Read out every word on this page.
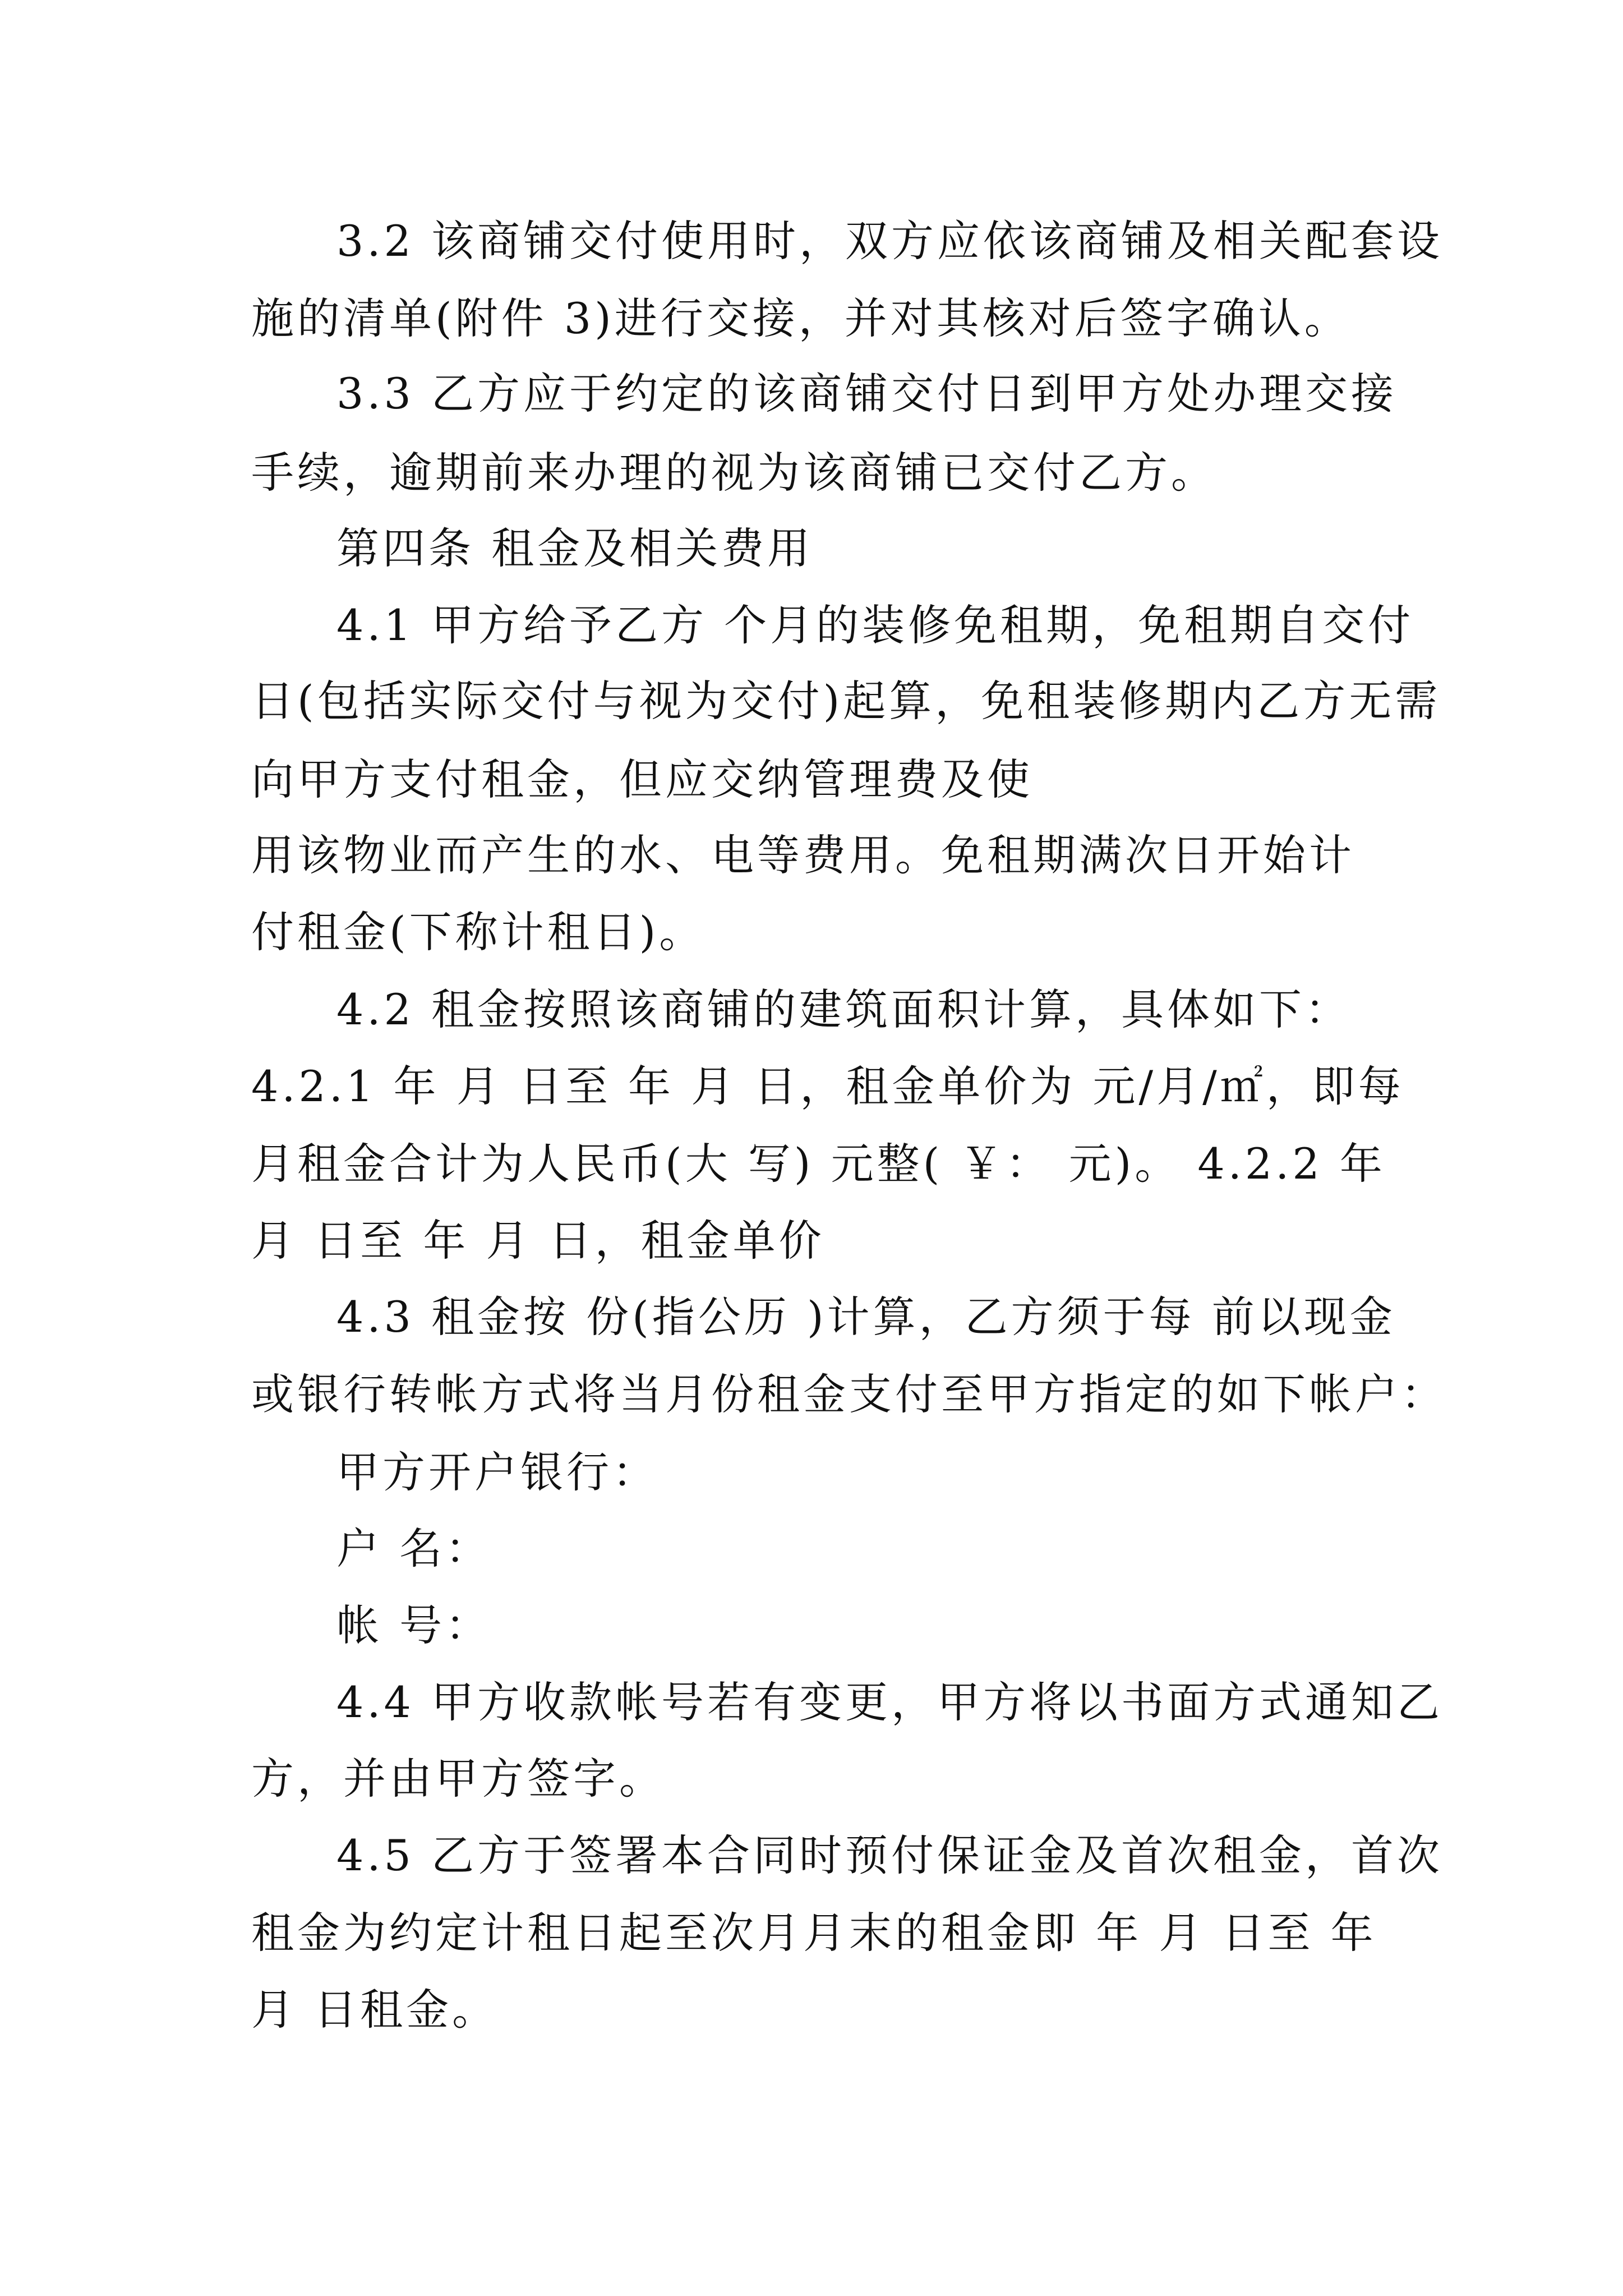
3.2 该商铺交付使用时，双方应依该商铺及相关配套设
施的清单(附件 3)进行交接，并对其核对后签字确认。
3.3 乙方应于约定的该商铺交付日到甲方处办理交接
手续，逾期前来办理的视为该商铺已交付乙方。
第四条 租金及相关费用
4.1 甲方给予乙方 个月的装修免租期，免租期自交付
日(包括实际交付与视为交付)起算，免租装修期内乙方无需
向甲方支付租金，但应交纳管理费及使
用该物业而产生的水、电等费用。免租期满次日开始计
付租金(下称计租日)。
4.2 租金按照该商铺的建筑面积计算，具体如下：
4.2.1 年 月 日至 年 月 日，租金单价为 元/月/㎡，即每
月租金合计为人民币(大 写) 元整( ￥： 元)。 4.2.2 年
月 日至 年 月 日，租金单价
4.3 租金按 份(指公历 )计算，乙方须于每 前以现金
或银行转帐方式将当月份租金支付至甲方指定的如下帐户：
甲方开户银行：
户 名：
帐 号：
4.4 甲方收款帐号若有变更，甲方将以书面方式通知乙
方，并由甲方签字。
4.5 乙方于签署本合同时预付保证金及首次租金，首次
租金为约定计租日起至次月月末的租金即 年 月 日至 年
月 日租金。
